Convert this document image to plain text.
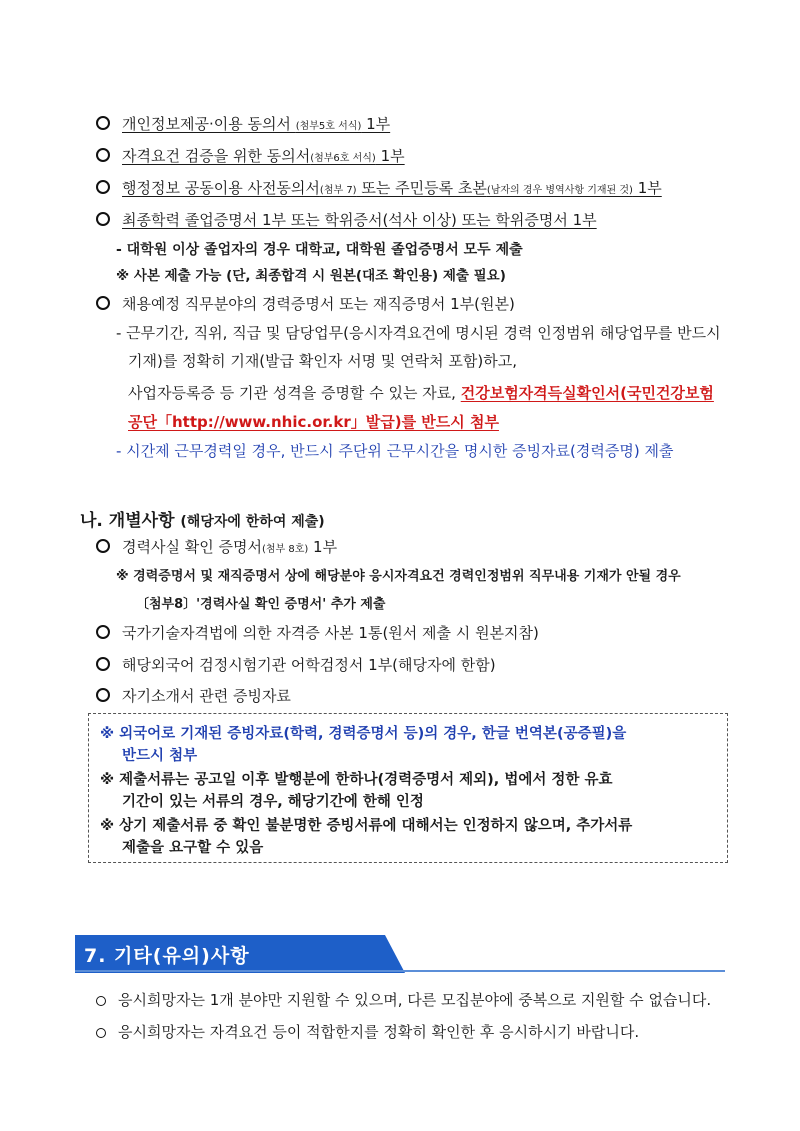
개인정보제공·이용 동의서 (첨부5호 서식) 1부
자격요건 검증을 위한 동의서(첨부6호 서식) 1부
행정정보 공동이용 사전동의서(첨부 7) 또는 주민등록 초본(남자의 경우 병역사항 기재된 것) 1부
최종학력 졸업증명서 1부 또는 학위증서(석사 이상) 또는 학위증명서 1부
- 대학원 이상 졸업자의 경우 대학교, 대학원 졸업증명서 모두 제출
※ 사본 제출 가능 (단, 최종합격 시 원본(대조 확인용) 제출 필요)
채용예정 직무분야의 경력증명서 또는 재직증명서 1부(원본)
- 근무기간, 직위, 직급 및 담당업무(응시자격요건에 명시된 경력 인정범위 해당업무를 반드시
기재)를 정확히 기재(발급 확인자 서명 및 연락처 포함)하고,
사업자등록증 등 기관 성격을 증명할 수 있는 자료, 건강보험자격득실확인서(국민건강보험
공단「http://www.nhic.or.kr」발급)를 반드시 첨부
- 시간제 근무경력일 경우, 반드시 주단위 근무시간을 명시한 증빙자료(경력증명) 제출
나. 개별사항 (해당자에 한하여 제출)
경력사실 확인 증명서(첨부 8호) 1부
※ 경력증명서 및 재직증명서 상에 해당분야 응시자격요건 경력인정범위 직무내용 기재가 안될 경우
〔첨부8〕'경력사실 확인 증명서' 추가 제출
국가기술자격법에 의한 자격증 사본 1통(원서 제출 시 원본지참)
해당외국어 검정시험기관 어학검정서 1부(해당자에 한함)
자기소개서 관련 증빙자료
※ 외국어로 기재된 증빙자료(학력, 경력증명서 등)의 경우, 한글 번역본(공증필)을
반드시 첨부
※ 제출서류는 공고일 이후 발행분에 한하나(경력증명서 제외), 법에서 정한 유효
기간이 있는 서류의 경우, 해당기간에 한해 인정
※ 상기 제출서류 중 확인 불분명한 증빙서류에 대해서는 인정하지 않으며, 추가서류
제출을 요구할 수 있음
7. 기타(유의)사항
응시희망자는 1개 분야만 지원할 수 있으며, 다른 모집분야에 중복으로 지원할 수 없습니다.
응시희망자는 자격요건 등이 적합한지를 정확히 확인한 후 응시하시기 바랍니다.
